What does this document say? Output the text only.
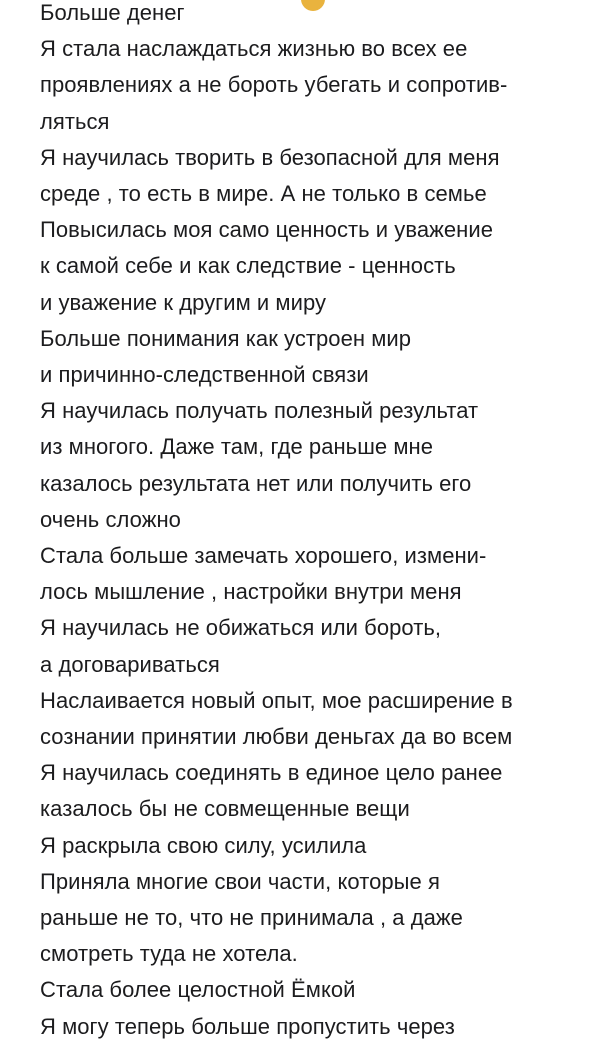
Больше денег
Я стала наслаждаться жизнью во всех ее
проявлениях а не бороть убегать и сопротив-
ляться
Я научилась творить в безопасной для меня
среде , то есть в мире. А не только в семье
Повысилась моя само ценность и уважение
к самой себе и как следствие - ценность
и уважение к другим и миру
Больше понимания как устроен мир
и причинно-следственной связи
Я научилась получать полезный результат
из многого. Даже там, где раньше мне
казалось результата нет или получить его
очень сложно
Стала больше замечать хорошего, измени-
лось мышление , настройки внутри меня
Я научилась не обижаться или бороть,
а договариваться
Наслаивается новый опыт, мое расширение в
сознании принятии любви деньгах да во всем
Я научилась соединять в единое цело ранее
казалось бы не совмещенные вещи
Я раскрыла свою силу, усилила
Приняла многие свои части, которые я
раньше не то, что не принимала , а даже
смотреть туда не хотела.
Стала более целостной Ёмкой
Я могу теперь больше пропустить через
